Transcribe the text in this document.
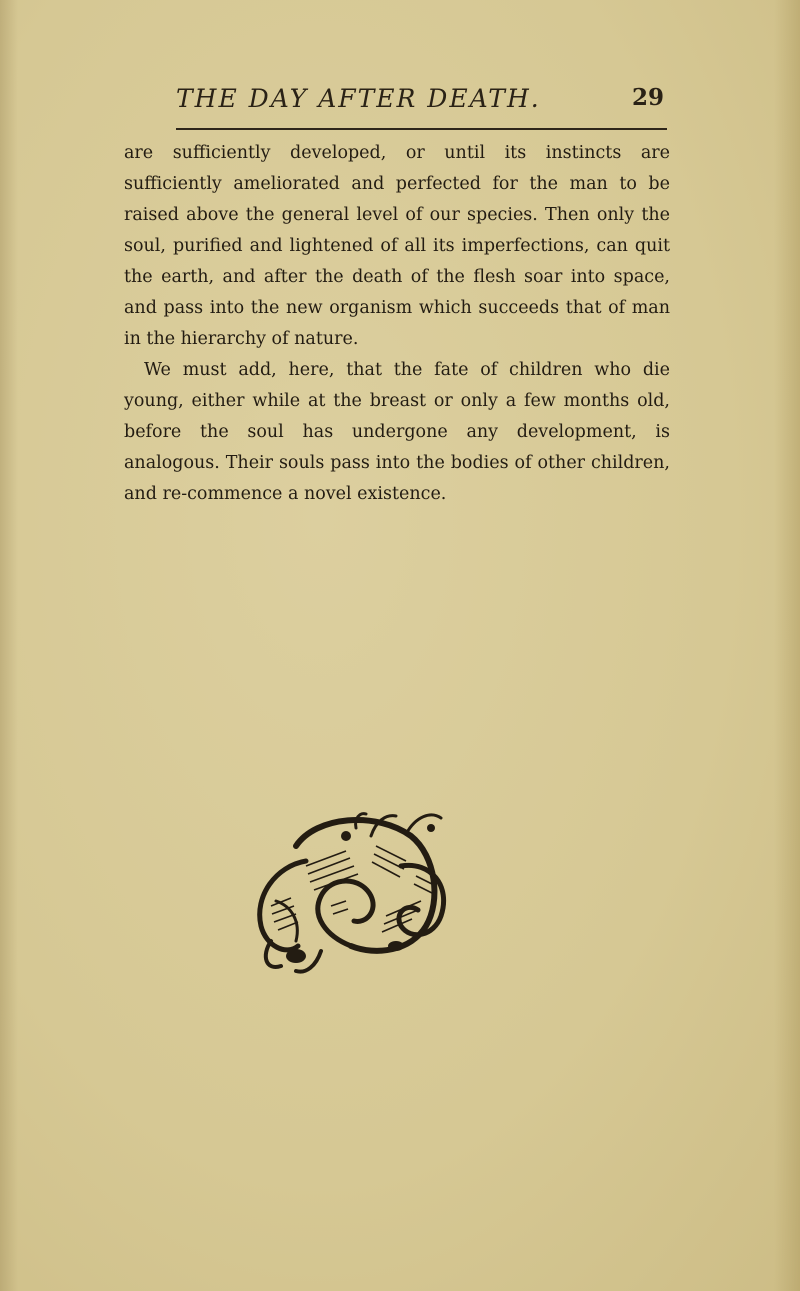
THE DAY AFTER DEATH.	29

are sufficiently developed, or until its instincts are sufficiently ameliorated and perfected for the man to be raised above the general level of our species. Then only the soul, purified and lightened of all its imperfections, can quit the earth, and after the death of the flesh soar into space, and pass into the new organism which succeeds that of man in the hierarchy of nature.

We must add, here, that the fate of children who die young, either while at the breast or only a few months old, before the soul has undergone any development, is analogous. Their souls pass into the bodies of other children, and re-commence a novel existence.
